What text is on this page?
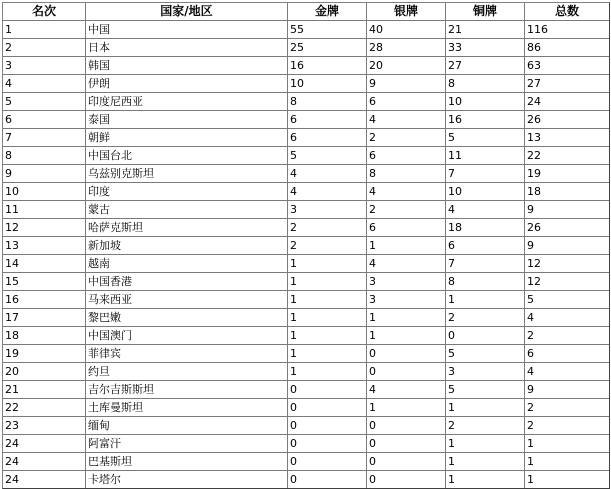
名次	国家/地区	金牌	银牌	铜牌	总数
1	中国	55	40	21	116
2	日本	25	28	33	86
3	韩国	16	20	27	63
4	伊朗	10	9	8	27
5	印度尼西亚	8	6	10	24
6	泰国	6	4	16	26
7	朝鲜	6	2	5	13
8	中国台北	5	6	11	22
9	乌兹别克斯坦	4	8	7	19
10	印度	4	4	10	18
11	蒙古	3	2	4	9
12	哈萨克斯坦	2	6	18	26
13	新加坡	2	1	6	9
14	越南	1	4	7	12
15	中国香港	1	3	8	12
16	马来西亚	1	3	1	5
17	黎巴嫩	1	1	2	4
18	中国澳门	1	1	0	2
19	菲律宾	1	0	5	6
20	约旦	1	0	3	4
21	吉尔吉斯斯坦	0	4	5	9
22	土库曼斯坦	0	1	1	2
23	缅甸	0	0	2	2
24	阿富汗	0	0	1	1
24	巴基斯坦	0	0	1	1
24	卡塔尔	0	0	1	1
